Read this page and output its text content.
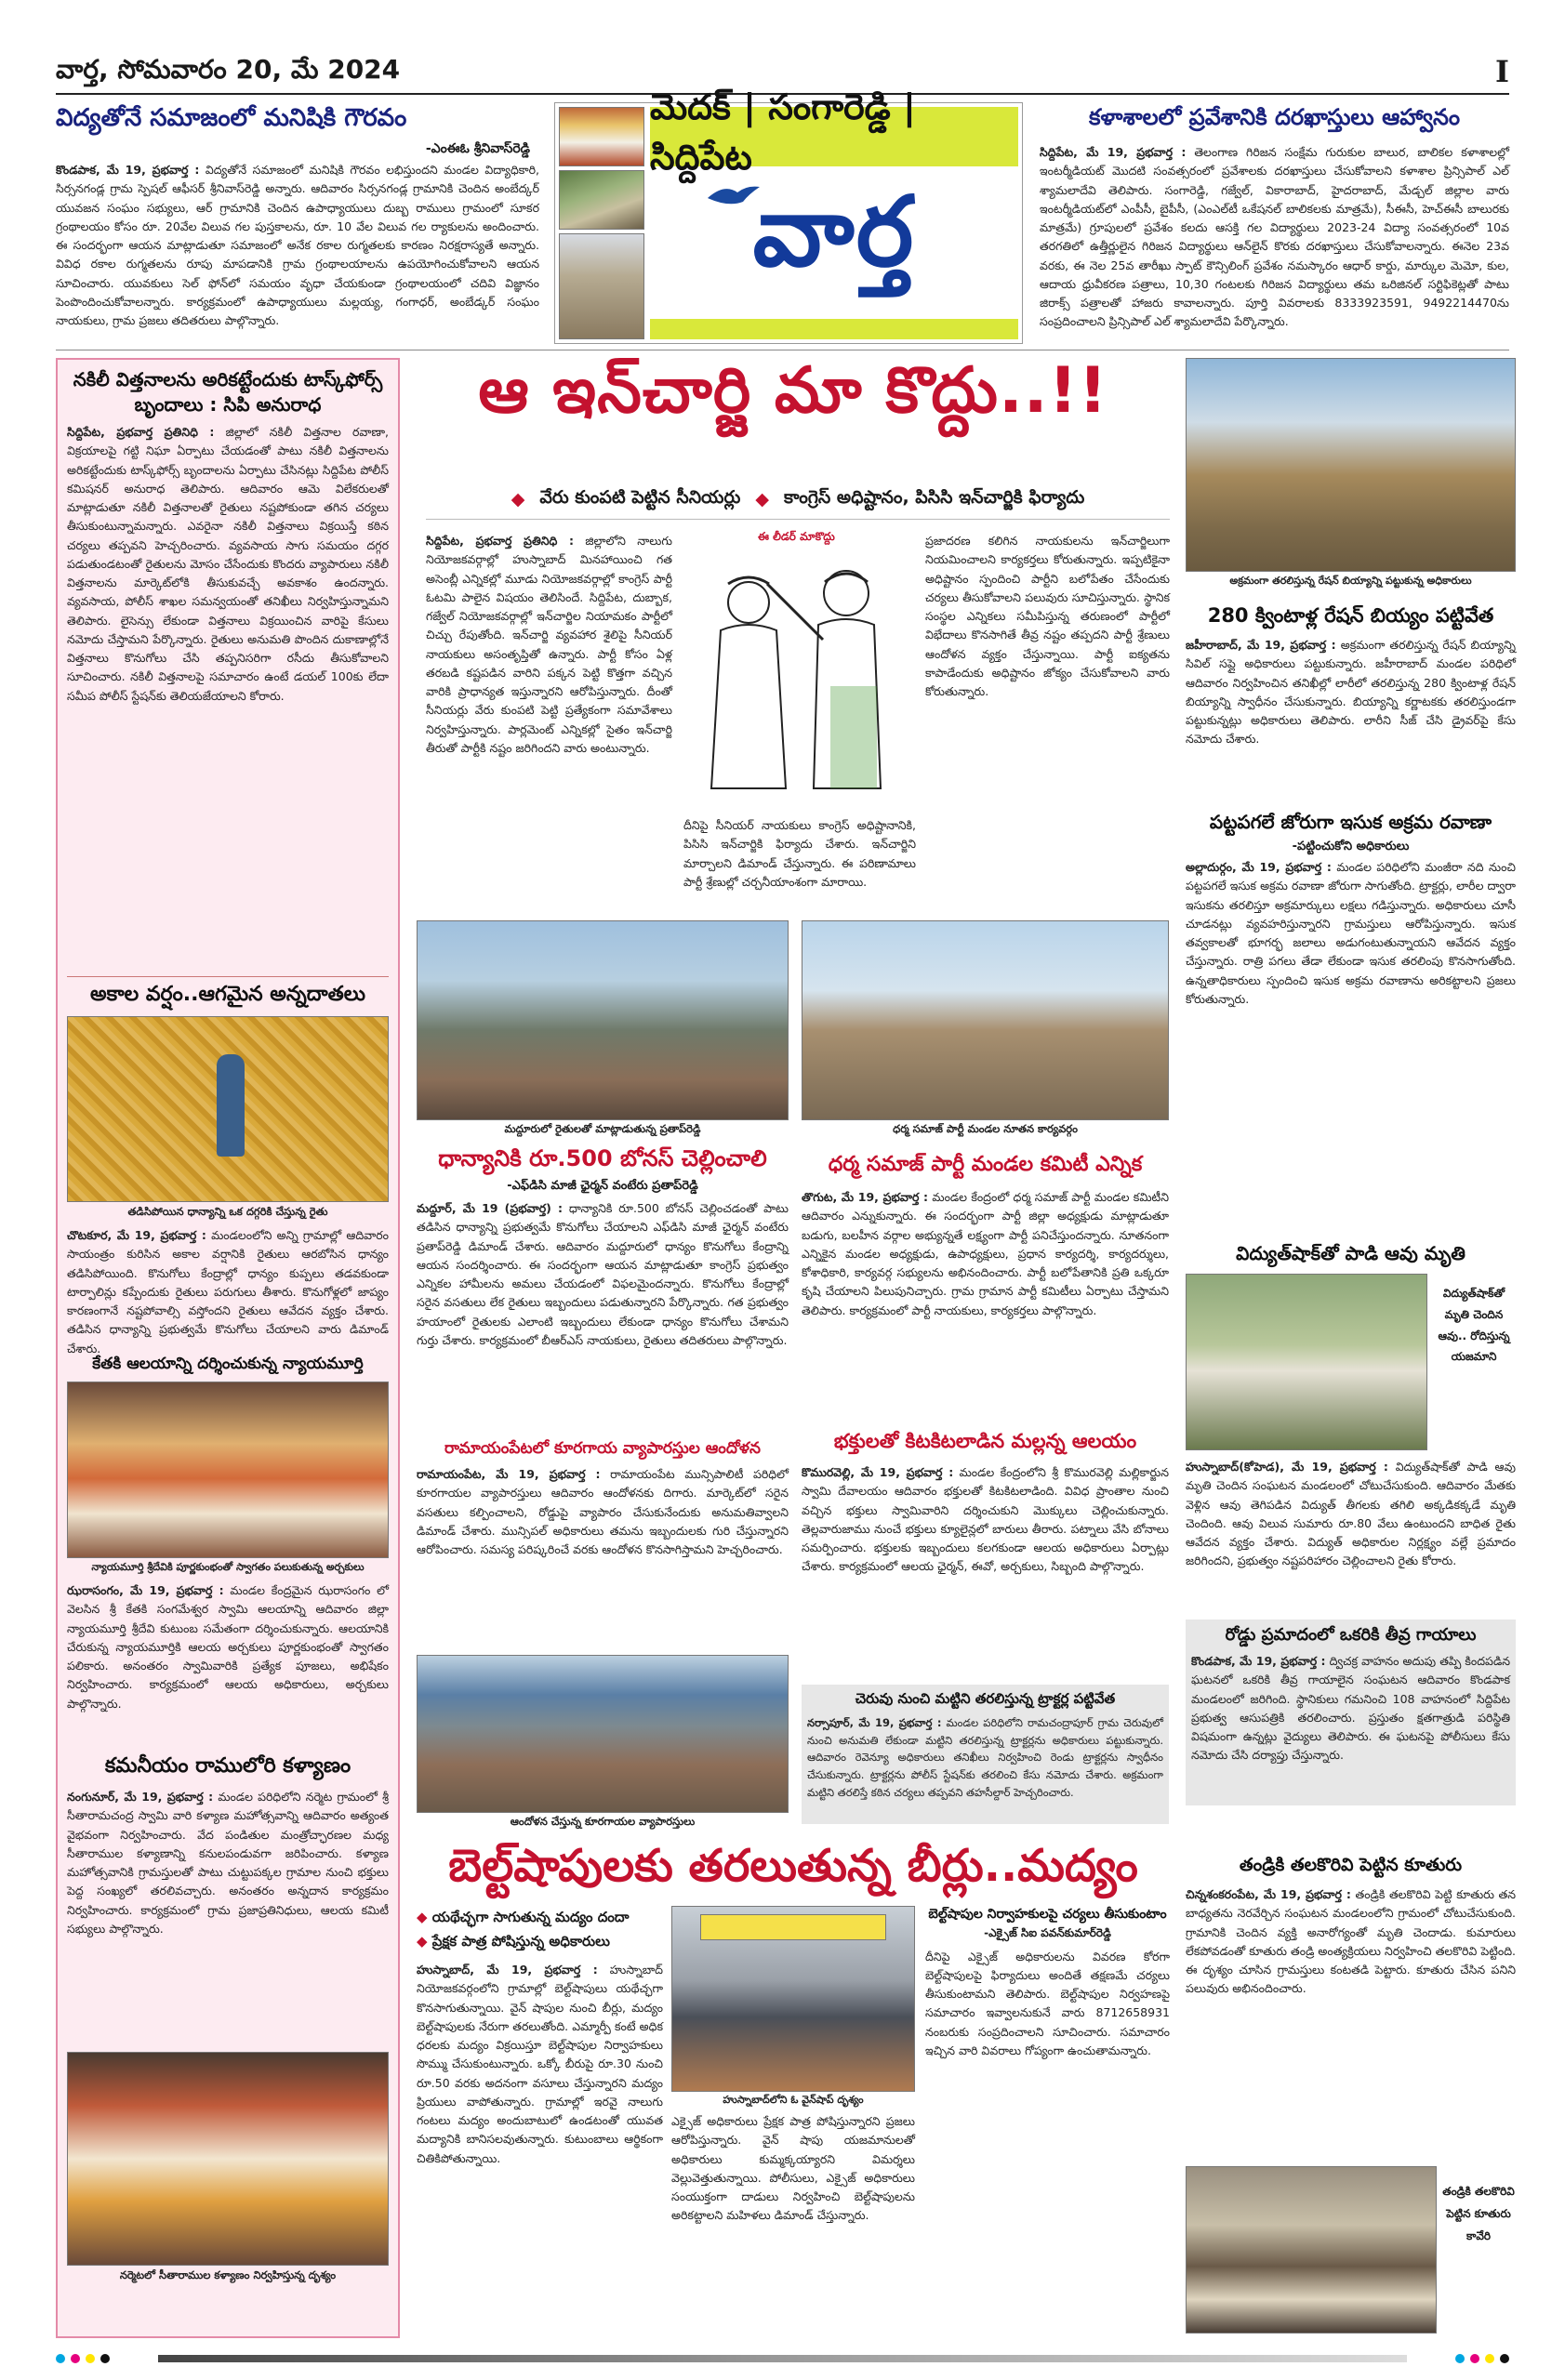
వార్త, సోమవారం 20, మే 2024	I
విద్యతోనే సమాజంలో మనిషికి గౌరవం
-ఎంఈఓ శ్రీనివాస్‌రెడ్డి
కొండపాక, మే 19, ప్రభవార్త : విద్యతోనే సమాజంలో మనిషికి గౌరవం లభిస్తుందని మండల విద్యాధికారి, సిర్సనగండ్ల గ్రామ స్పెషల్ ఆఫీసర్ శ్రీనివాస్‌రెడ్డి అన్నారు. ఆదివారం సిర్సనగండ్ల గ్రామానికి చెందిన అంబేద్కర్ యువజన సంఘం సభ్యులు, ఆర్ గ్రామానికి చెందిన ఉపాధ్యాయులు దుబ్బ రాములు గ్రామంలో సూకర గ్రంథాలయం కోసం రూ. 20వేల విలువ గల పుస్తకాలను, రూ. 10 వేల విలువ గల ర్యాకులను అందించారు. ఈ సందర్భంగా ఆయన మాట్లాడుతూ సమాజంలో అనేక రకాల రుగ్మతలకు కారణం నిరక్షరాస్యతే అన్నారు. వివిధ రకాల రుగ్మతలను రూపు మాపడానికి గ్రామ గ్రంథాలయాలను ఉపయోగించుకోవాలని ఆయన సూచించారు. యువకులు సెల్ ఫోన్‌లో సమయం వృధా చేయకుండా గ్రంథాలయంలో చదివి విజ్ఞానం పెంపొందించుకోవాలన్నారు. కార్యక్రమంలో ఉపాధ్యాయులు మల్లయ్య, గంగాధర్, అంబేడ్కర్ సంఘం నాయకులు, గ్రామ ప్రజలు తదితరులు పాల్గొన్నారు.
మెదక్ | సంగారెడ్డి | సిద్దిపేట
వార్త
కళాశాలలో ప్రవేశానికి దరఖాస్తులు ఆహ్వానం
సిద్దిపేట, మే 19, ప్రభవార్త : తెలంగాణ గిరిజన సంక్షేమ గురుకుల బాలుర, బాలికల కళాశాలల్లో ఇంటర్మీడియట్ మొదటి సంవత్సరంలో ప్రవేశాలకు దరఖాస్తులు చేసుకోవాలని కళాశాల ప్రిన్సిపాల్ ఎల్ శ్యామలాదేవి తెలిపారు. సంగారెడ్డి, గజ్వేల్, వికారాబాద్, హైదరాబాద్, మేడ్చల్ జిల్లాల వారు ఇంటర్మీడియట్‌లో ఎంపీసీ, బైపీసీ, (ఎంఎల్‌టీ ఒకేషనల్ బాలికలకు మాత్రమే), సీఈసీ, హెచ్ఈసీ బాలురకు మాత్రమే) గ్రూపులలో ప్రవేశం కలదు ఆసక్తి గల విద్యార్థులు 2023-24 విద్యా సంవత్సరంలో 10వ తరగతిలో ఉత్తీర్ణులైన గిరిజన విద్యార్థులు ఆన్‌లైన్ కొరకు దరఖాస్తులు చేసుకోవాలన్నారు. ఈనెల 23వ వరకు, ఈ నెల 25వ తారీఖు స్పాట్ కౌన్సిలింగ్ ప్రవేశం నమస్కారం ఆధార్ కార్డు, మార్కుల మెమో, కుల, ఆదాయ ధ్రువీకరణ పత్రాలు, 10,30 గంటలకు గిరిజన విద్యార్థులు తమ ఒరిజినల్ సర్టిఫికెట్లతో పాటు జిరాక్స్ పత్రాలతో హాజరు కావాలన్నారు. పూర్తి వివరాలకు 8333923591, 9492214470ను సంప్రదించాలని ప్రిన్సిపాల్ ఎల్ శ్యామలాదేవి పేర్కొన్నారు.
నకిలీ విత్తనాలను అరికట్టేందుకు టాస్క్‌ఫోర్స్ బృందాలు : సిపి అనురాధ
సిద్దిపేట, ప్రభవార్త ప్రతినిధి : జిల్లాలో నకిలీ విత్తనాల రవాణా, విక్రయాలపై గట్టి నిఘా ఏర్పాటు చేయడంతో పాటు నకిలీ విత్తనాలను అరికట్టేందుకు టాస్క్‌ఫోర్స్ బృందాలను ఏర్పాటు చేసినట్లు సిద్దిపేట పోలీస్ కమిషనర్ అనురాధ తెలిపారు. ఆదివారం ఆమె విలేకరులతో మాట్లాడుతూ నకిలీ విత్తనాలతో రైతులు నష్టపోకుండా తగిన చర్యలు తీసుకుంటున్నామన్నారు. ఎవరైనా నకిలీ విత్తనాలు విక్రయిస్తే కఠిన చర్యలు తప్పవని హెచ్చరించారు. వ్యవసాయ సాగు సమయం దగ్గర పడుతుండటంతో రైతులను మోసం చేసేందుకు కొందరు వ్యాపారులు నకిలీ విత్తనాలను మార్కెట్‌లోకి తీసుకువచ్చే అవకాశం ఉందన్నారు. వ్యవసాయ, పోలీస్ శాఖల సమన్వయంతో తనిఖీలు నిర్వహిస్తున్నామని తెలిపారు. లైసెన్సు లేకుండా విత్తనాలు విక్రయించిన వారిపై కేసులు నమోదు చేస్తామని పేర్కొన్నారు. రైతులు అనుమతి పొందిన దుకాణాల్లోనే విత్తనాలు కొనుగోలు చేసి తప్పనిసరిగా రసీదు తీసుకోవాలని సూచించారు. నకిలీ విత్తనాలపై సమాచారం ఉంటే డయల్ 100కు లేదా సమీప పోలీస్ స్టేషన్‌కు తెలియజేయాలని కోరారు.
అకాల వర్షం..ఆగమైన అన్నదాతలు
తడిసిపోయిన ధాన్యాన్ని ఒక దగ్గరికి చేస్తున్న రైతు
చొటకూర, మే 19, ప్రభవార్త : మండలంలోని అన్ని గ్రామాల్లో ఆదివారం సాయంత్రం కురిసిన అకాల వర్షానికి రైతులు ఆరబోసిన ధాన్యం తడిసిపోయింది. కొనుగోలు కేంద్రాల్లో ధాన్యం కుప్పలు తడవకుండా టార్పాలిన్లు కప్పేందుకు రైతులు పరుగులు తీశారు. కొనుగోళ్లలో జాప్యం కారణంగానే నష్టపోవాల్సి వస్తోందని రైతులు ఆవేదన వ్యక్తం చేశారు. తడిసిన ధాన్యాన్ని ప్రభుత్వమే కొనుగోలు చేయాలని వారు డిమాండ్ చేశారు.
కేతకి ఆలయాన్ని దర్శించుకున్న న్యాయమూర్తి
న్యాయమూర్తి శ్రీదేవికి పూర్ణకుంభంతో స్వాగతం పలుకుతున్న అర్చకులు
ఝరాసంగం, మే 19, ప్రభవార్త : మండల కేంద్రమైన ఝరాసంగం లో వెలసిన శ్రీ కేతకి సంగమేశ్వర స్వామి ఆలయాన్ని ఆదివారం జిల్లా న్యాయమూర్తి శ్రీదేవి కుటుంబ సమేతంగా దర్శించుకున్నారు. ఆలయానికి చేరుకున్న న్యాయమూర్తికి ఆలయ అర్చకులు పూర్ణకుంభంతో స్వాగతం పలికారు. అనంతరం స్వామివారికి ప్రత్యేక పూజలు, అభిషేకం నిర్వహించారు. కార్యక్రమంలో ఆలయ అధికారులు, అర్చకులు పాల్గొన్నారు.
కమనీయం రాములోరి కళ్యాణం
నంగునూర్, మే 19, ప్రభవార్త : మండల పరిధిలోని నర్మెట గ్రామంలో శ్రీ సీతారామచంద్ర స్వామి వారి కళ్యాణ మహోత్సవాన్ని ఆదివారం అత్యంత వైభవంగా నిర్వహించారు. వేద పండితుల మంత్రోచ్ఛారణల మధ్య సీతారాముల కళ్యాణాన్ని కనులపండువగా జరిపించారు. కళ్యాణ మహోత్సవానికి గ్రామస్తులతో పాటు చుట్టుపక్కల గ్రామాల నుంచి భక్తులు పెద్ద సంఖ్యలో తరలివచ్చారు. అనంతరం అన్నదాన కార్యక్రమం నిర్వహించారు. కార్యక్రమంలో గ్రామ ప్రజాప్రతినిధులు, ఆలయ కమిటీ సభ్యులు పాల్గొన్నారు.
నర్మెటలో సీతారాముల కళ్యాణం నిర్వహిస్తున్న దృశ్యం
ఆ ఇన్‌చార్జి మా కొద్దు..!!
◆ వేరు కుంపటి పెట్టిన సీనియర్లు ◆ కాంగ్రెస్ అధిష్టానం, పిసిసి ఇన్‌చార్జికి ఫిర్యాదు
సిద్దిపేట, ప్రభవార్త ప్రతినిధి : జిల్లాలోని నాలుగు నియోజకవర్గాల్లో హుస్నాబాద్ మినహాయించి గత అసెంబ్లీ ఎన్నికల్లో మూడు నియోజకవర్గాల్లో కాంగ్రెస్ పార్టీ ఓటమి పాలైన విషయం తెలిసిందే. సిద్దిపేట, దుబ్బాక, గజ్వేల్ నియోజకవర్గాల్లో ఇన్‌చార్జిల నియామకం పార్టీలో చిచ్చు రేపుతోంది. ఇన్‌చార్జి వ్యవహార శైలిపై సీనియర్ నాయకులు అసంతృప్తితో ఉన్నారు. పార్టీ కోసం ఏళ్ల తరబడి కష్టపడిన వారిని పక్కన పెట్టి కొత్తగా వచ్చిన వారికి ప్రాధాన్యత ఇస్తున్నారని ఆరోపిస్తున్నారు. దీంతో సీనియర్లు వేరు కుంపటి పెట్టి ప్రత్యేకంగా సమావేశాలు నిర్వహిస్తున్నారు. పార్లమెంట్ ఎన్నికల్లో సైతం ఇన్‌చార్జి తీరుతో పార్టీకి నష్టం జరిగిందని వారు అంటున్నారు.
ఈ లీడర్ మాకొద్దు
దీనిపై సీనియర్ నాయకులు కాంగ్రెస్ అధిష్టానానికి, పిసిసి ఇన్‌చార్జికి ఫిర్యాదు చేశారు. ఇన్‌చార్జిని మార్చాలని డిమాండ్ చేస్తున్నారు. ఈ పరిణామాలు పార్టీ శ్రేణుల్లో చర్చనీయాంశంగా మారాయి.
ప్రజాదరణ కలిగిన నాయకులను ఇన్‌చార్జిలుగా నియమించాలని కార్యకర్తలు కోరుతున్నారు. ఇప్పటికైనా అధిష్టానం స్పందించి పార్టీని బలోపేతం చేసేందుకు చర్యలు తీసుకోవాలని పలువురు సూచిస్తున్నారు. స్థానిక సంస్థల ఎన్నికలు సమీపిస్తున్న తరుణంలో పార్టీలో విభేదాలు కొనసాగితే తీవ్ర నష్టం తప్పదని పార్టీ శ్రేణులు ఆందోళన వ్యక్తం చేస్తున్నాయి. పార్టీ ఐక్యతను కాపాడేందుకు అధిష్టానం జోక్యం చేసుకోవాలని వారు కోరుతున్నారు.
మద్దూరులో రైతులతో మాట్లాడుతున్న ప్రతాప్‌రెడ్డి	ధర్మ సమాజ్ పార్టీ మండల నూతన కార్యవర్గం
ధాన్యానికి రూ.500 బోనస్ చెల్లించాలి
-ఎఫ్‌డిసి మాజీ ఛైర్మన్ వంటేరు ప్రతాప్‌రెడ్డి
మద్దూర్, మే 19 (ప్రభవార్త) : ధాన్యానికి రూ.500 బోనస్ చెల్లించడంతో పాటు తడిసిన ధాన్యాన్ని ప్రభుత్వమే కొనుగోలు చేయాలని ఎఫ్‌డిసి మాజీ ఛైర్మన్ వంటేరు ప్రతాప్‌రెడ్డి డిమాండ్ చేశారు. ఆదివారం మద్దూరులో ధాన్యం కొనుగోలు కేంద్రాన్ని ఆయన సందర్శించారు. ఈ సందర్భంగా ఆయన మాట్లాడుతూ కాంగ్రెస్ ప్రభుత్వం ఎన్నికల హామీలను అమలు చేయడంలో విఫలమైందన్నారు. కొనుగోలు కేంద్రాల్లో సరైన వసతులు లేక రైతులు ఇబ్బందులు పడుతున్నారని పేర్కొన్నారు. గత ప్రభుత్వం హయాంలో రైతులకు ఎలాంటి ఇబ్బందులు లేకుండా ధాన్యం కొనుగోలు చేశామని గుర్తు చేశారు. కార్యక్రమంలో బీఆర్ఎస్ నాయకులు, రైతులు తదితరులు పాల్గొన్నారు.
రామాయంపేటలో కూరగాయ వ్యాపారస్తుల ఆందోళన
రామాయంపేట, మే 19, ప్రభవార్త : రామాయంపేట మున్సిపాలిటీ పరిధిలో కూరగాయల వ్యాపారస్తులు ఆదివారం ఆందోళనకు దిగారు. మార్కెట్‌లో సరైన వసతులు కల్పించాలని, రోడ్డుపై వ్యాపారం చేసుకునేందుకు అనుమతివ్వాలని డిమాండ్ చేశారు. మున్సిపల్ అధికారులు తమను ఇబ్బందులకు గురి చేస్తున్నారని ఆరోపించారు. సమస్య పరిష్కరించే వరకు ఆందోళన కొనసాగిస్తామని హెచ్చరించారు.
ఆందోళన చేస్తున్న కూరగాయల వ్యాపారస్తులు
ధర్మ సమాజ్ పార్టీ మండల కమిటీ ఎన్నిక
తొగుట, మే 19, ప్రభవార్త : మండల కేంద్రంలో ధర్మ సమాజ్ పార్టీ మండల కమిటీని ఆదివారం ఎన్నుకున్నారు. ఈ సందర్భంగా పార్టీ జిల్లా అధ్యక్షుడు మాట్లాడుతూ బడుగు, బలహీన వర్గాల అభ్యున్నతే లక్ష్యంగా పార్టీ పనిచేస్తుందన్నారు. నూతనంగా ఎన్నికైన మండల అధ్యక్షుడు, ఉపాధ్యక్షులు, ప్రధాన కార్యదర్శి, కార్యదర్శులు, కోశాధికారి, కార్యవర్గ సభ్యులను అభినందించారు. పార్టీ బలోపేతానికి ప్రతి ఒక్కరూ కృషి చేయాలని పిలుపునిచ్చారు. గ్రామ గ్రామాన పార్టీ కమిటీలు ఏర్పాటు చేస్తామని తెలిపారు. కార్యక్రమంలో పార్టీ నాయకులు, కార్యకర్తలు పాల్గొన్నారు.
భక్తులతో కిటకిటలాడిన మల్లన్న ఆలయం
కొమురవెల్లి, మే 19, ప్రభవార్త : మండల కేంద్రంలోని శ్రీ కొమురవెల్లి మల్లికార్జున స్వామి దేవాలయం ఆదివారం భక్తులతో కిటకిటలాడింది. వివిధ ప్రాంతాల నుంచి వచ్చిన భక్తులు స్వామివారిని దర్శించుకుని మొక్కులు చెల్లించుకున్నారు. తెల్లవారుజాము నుంచే భక్తులు క్యూలైన్లలో బారులు తీరారు. పట్నాలు వేసి బోనాలు సమర్పించారు. భక్తులకు ఇబ్బందులు కలగకుండా ఆలయ అధికారులు ఏర్పాట్లు చేశారు. కార్యక్రమంలో ఆలయ ఛైర్మన్, ఈవో, అర్చకులు, సిబ్బంది పాల్గొన్నారు.
చెరువు నుంచి మట్టిని తరలిస్తున్న ట్రాక్టర్ల పట్టివేత
నర్సాపూర్, మే 19, ప్రభవార్త : మండల పరిధిలోని రామచంద్రాపూర్ గ్రామ చెరువులో నుంచి అనుమతి లేకుండా మట్టిని తరలిస్తున్న ట్రాక్టర్లను అధికారులు పట్టుకున్నారు. ఆదివారం రెవెన్యూ అధికారులు తనిఖీలు నిర్వహించి రెండు ట్రాక్టర్లను స్వాధీనం చేసుకున్నారు. ట్రాక్టర్లను పోలీస్ స్టేషన్‌కు తరలించి కేసు నమోదు చేశారు. అక్రమంగా మట్టిని తరలిస్తే కఠిన చర్యలు తప్పవని తహసీల్దార్ హెచ్చరించారు.
అక్రమంగా తరలిస్తున్న రేషన్ బియ్యాన్ని పట్టుకున్న అధికారులు
280 క్వింటాళ్ల రేషన్ బియ్యం పట్టివేత
జహీరాబాద్, మే 19, ప్రభవార్త : అక్రమంగా తరలిస్తున్న రేషన్ బియ్యాన్ని సివిల్ సప్లై అధికారులు పట్టుకున్నారు. జహీరాబాద్ మండల పరిధిలో ఆదివారం నిర్వహించిన తనిఖీల్లో లారీలో తరలిస్తున్న 280 క్వింటాళ్ల రేషన్ బియ్యాన్ని స్వాధీనం చేసుకున్నారు. బియ్యాన్ని కర్ణాటకకు తరలిస్తుండగా పట్టుకున్నట్లు అధికారులు తెలిపారు. లారీని సీజ్ చేసి డ్రైవర్‌పై కేసు నమోదు చేశారు.
పట్టపగలే జోరుగా ఇసుక అక్రమ రవాణా
-పట్టించుకోని అధికారులు
అల్లాదుర్గం, మే 19, ప్రభవార్త : మండల పరిధిలోని మంజీరా నది నుంచి పట్టపగలే ఇసుక అక్రమ రవాణా జోరుగా సాగుతోంది. ట్రాక్టర్లు, లారీల ద్వారా ఇసుకను తరలిస్తూ అక్రమార్కులు లక్షలు గడిస్తున్నారు. అధికారులు చూసీ చూడనట్లు వ్యవహరిస్తున్నారని గ్రామస్తులు ఆరోపిస్తున్నారు. ఇసుక తవ్వకాలతో భూగర్భ జలాలు అడుగంటుతున్నాయని ఆవేదన వ్యక్తం చేస్తున్నారు. రాత్రి పగలు తేడా లేకుండా ఇసుక తరలింపు కొనసాగుతోంది. ఉన్నతాధికారులు స్పందించి ఇసుక అక్రమ రవాణాను అరికట్టాలని ప్రజలు కోరుతున్నారు.
విద్యుత్‌షాక్‌తో పాడి ఆవు మృతి
విద్యుత్‌షాక్‌తో మృతి చెందిన ఆవు.. రోదిస్తున్న యజమాని
హుస్నాబాద్(కోహెడ), మే 19, ప్రభవార్త : విద్యుత్‌షాక్‌తో పాడి ఆవు మృతి చెందిన సంఘటన మండలంలో చోటుచేసుకుంది. ఆదివారం మేతకు వెళ్లిన ఆవు తెగిపడిన విద్యుత్ తీగలకు తగిలి అక్కడికక్కడే మృతి చెందింది. ఆవు విలువ సుమారు రూ.80 వేలు ఉంటుందని బాధిత రైతు ఆవేదన వ్యక్తం చేశారు. విద్యుత్ అధికారుల నిర్లక్ష్యం వల్లే ప్రమాదం జరిగిందని, ప్రభుత్వం నష్టపరిహారం చెల్లించాలని రైతు కోరారు.
రోడ్డు ప్రమాదంలో ఒకరికి తీవ్ర గాయాలు
కొండపాక, మే 19, ప్రభవార్త : ద్విచక్ర వాహనం అదుపు తప్పి కిందపడిన ఘటనలో ఒకరికి తీవ్ర గాయాలైన సంఘటన ఆదివారం కొండపాక మండలంలో జరిగింది. స్థానికులు గమనించి 108 వాహనంలో సిద్దిపేట ప్రభుత్వ ఆసుపత్రికి తరలించారు. ప్రస్తుతం క్షతగాత్రుడి పరిస్థితి విషమంగా ఉన్నట్లు వైద్యులు తెలిపారు. ఈ ఘటనపై పోలీసులు కేసు నమోదు చేసి దర్యాప్తు చేస్తున్నారు.
తండ్రికి తలకొరివి పెట్టిన కూతురు
చిన్నశంకరంపేట, మే 19, ప్రభవార్త : తండ్రికి తలకొరివి పెట్టి కూతురు తన బాధ్యతను నెరవేర్చిన సంఘటన మండలంలోని గ్రామంలో చోటుచేసుకుంది. గ్రామానికి చెందిన వ్యక్తి అనారోగ్యంతో మృతి చెందాడు. కుమారులు లేకపోవడంతో కూతురు తండ్రి అంత్యక్రియలు నిర్వహించి తలకొరివి పెట్టింది. ఈ దృశ్యం చూసిన గ్రామస్తులు కంటతడి పెట్టారు. కూతురు చేసిన పనిని పలువురు అభినందించారు.
తండ్రికి తలకొరివి పెట్టిన కూతురు కావేరి
బెల్ట్‌షాపులకు తరలుతున్న బీర్లు..మద్యం
◆ యథేచ్ఛగా సాగుతున్న మద్యం దందా
◆ ప్రేక్షక పాత్ర పోషిస్తున్న అధికారులు
హుస్నాబాద్, మే 19, ప్రభవార్త : హుస్నాబాద్ నియోజకవర్గంలోని గ్రామాల్లో బెల్ట్‌షాపులు యథేచ్ఛగా కొనసాగుతున్నాయి. వైన్ షాపుల నుంచి బీర్లు, మద్యం బెల్ట్‌షాపులకు నేరుగా తరలుతోంది. ఎమ్మార్పీ కంటే అధిక ధరలకు మద్యం విక్రయిస్తూ బెల్ట్‌షాపుల నిర్వాహకులు సొమ్ము చేసుకుంటున్నారు. ఒక్కో బీరుపై రూ.30 నుంచి రూ.50 వరకు అదనంగా వసూలు చేస్తున్నారని మద్యం ప్రియులు వాపోతున్నారు. గ్రామాల్లో ఇరవై నాలుగు గంటలు మద్యం అందుబాటులో ఉండటంతో యువత మద్యానికి బానిసలవుతున్నారు. కుటుంబాలు ఆర్థికంగా చితికిపోతున్నాయి.
హుస్నాబాద్‌లోని ఓ వైన్‌షాప్ దృశ్యం
ఎక్సైజ్ అధికారులు ప్రేక్షక పాత్ర పోషిస్తున్నారని ప్రజలు ఆరోపిస్తున్నారు. వైన్ షాపు యజమానులతో అధికారులు కుమ్మక్కయ్యారని విమర్శలు వెల్లువెత్తుతున్నాయి. పోలీసులు, ఎక్సైజ్ అధికారులు సంయుక్తంగా దాడులు నిర్వహించి బెల్ట్‌షాపులను అరికట్టాలని మహిళలు డిమాండ్ చేస్తున్నారు.
బెల్ట్‌షాపుల నిర్వాహకులపై చర్యలు తీసుకుంటాం
-ఎక్సైజ్ సిఐ పవన్‌కుమార్‌రెడ్డి
దీనిపై ఎక్సైజ్ అధికారులను వివరణ కోరగా బెల్ట్‌షాపులపై ఫిర్యాదులు అందితే తక్షణమే చర్యలు తీసుకుంటామని తెలిపారు. బెల్ట్‌షాపుల నిర్వహణపై సమాచారం ఇవ్వాలనుకునే వారు 8712658931 నంబరుకు సంప్రదించాలని సూచించారు. సమాచారం ఇచ్చిన వారి వివరాలు గోప్యంగా ఉంచుతామన్నారు.
